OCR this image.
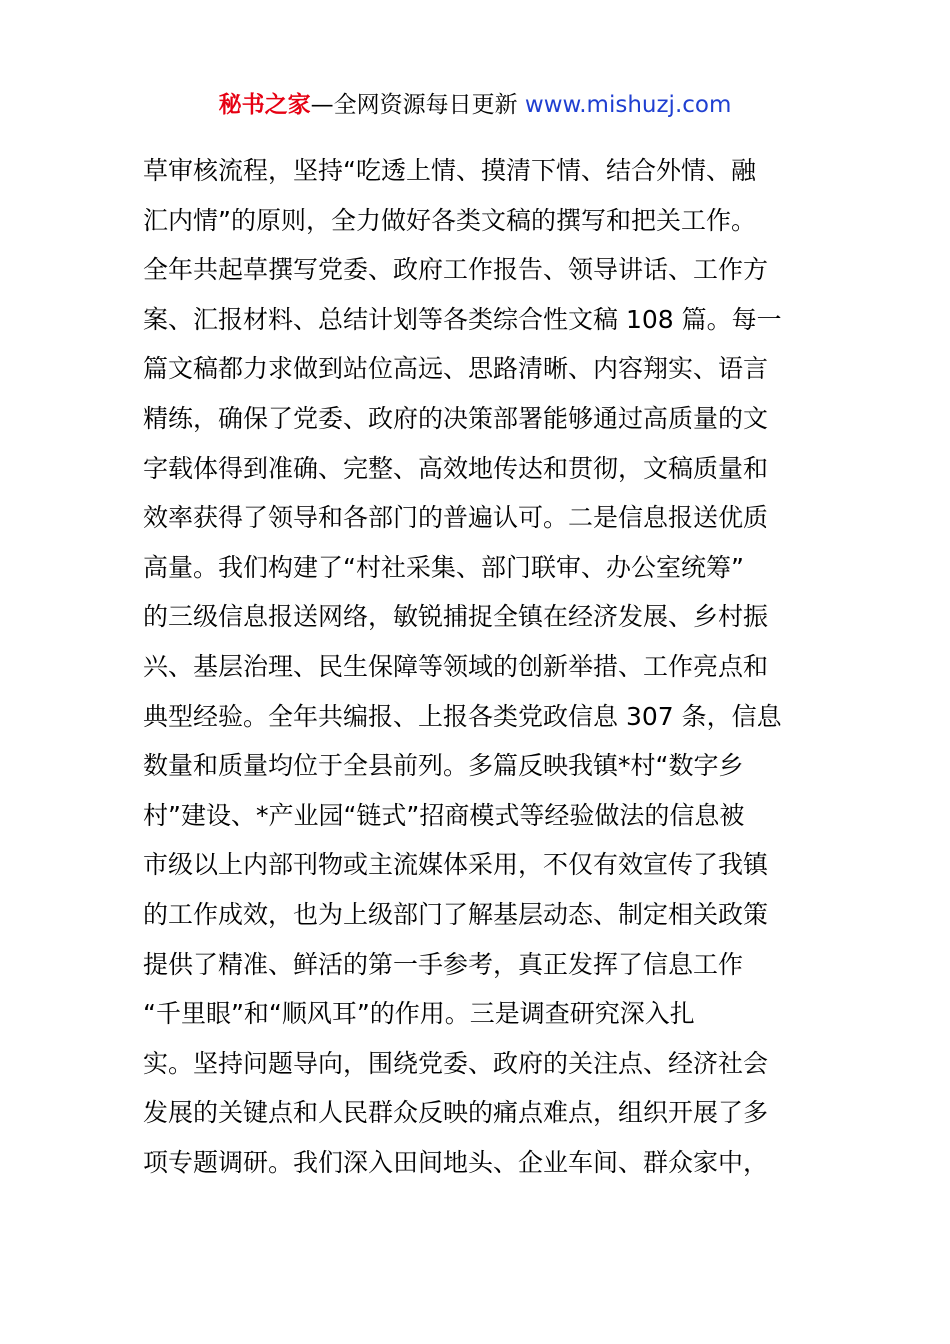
秘书之家—全网资源每日更新 www.mishuzj.com
草审核流程，坚持“吃透上情、摸清下情、结合外情、融
汇内情”的原则，全力做好各类文稿的撰写和把关工作。
全年共起草撰写党委、政府工作报告、领导讲话、工作方
案、汇报材料、总结计划等各类综合性文稿 108 篇。每一
篇文稿都力求做到站位高远、思路清晰、内容翔实、语言
精练，确保了党委、政府的决策部署能够通过高质量的文
字载体得到准确、完整、高效地传达和贯彻，文稿质量和
效率获得了领导和各部门的普遍认可。二是信息报送优质
高量。我们构建了“村社采集、部门联审、办公室统筹”
的三级信息报送网络，敏锐捕捉全镇在经济发展、乡村振
兴、基层治理、民生保障等领域的创新举措、工作亮点和
典型经验。全年共编报、上报各类党政信息 307 条，信息
数量和质量均位于全县前列。多篇反映我镇*村“数字乡
村”建设、*产业园“链式”招商模式等经验做法的信息被
市级以上内部刊物或主流媒体采用，不仅有效宣传了我镇
的工作成效，也为上级部门了解基层动态、制定相关政策
提供了精准、鲜活的第一手参考，真正发挥了信息工作
“千里眼”和“顺风耳”的作用。三是调查研究深入扎
实。坚持问题导向，围绕党委、政府的关注点、经济社会
发展的关键点和人民群众反映的痛点难点，组织开展了多
项专题调研。我们深入田间地头、企业车间、群众家中，
